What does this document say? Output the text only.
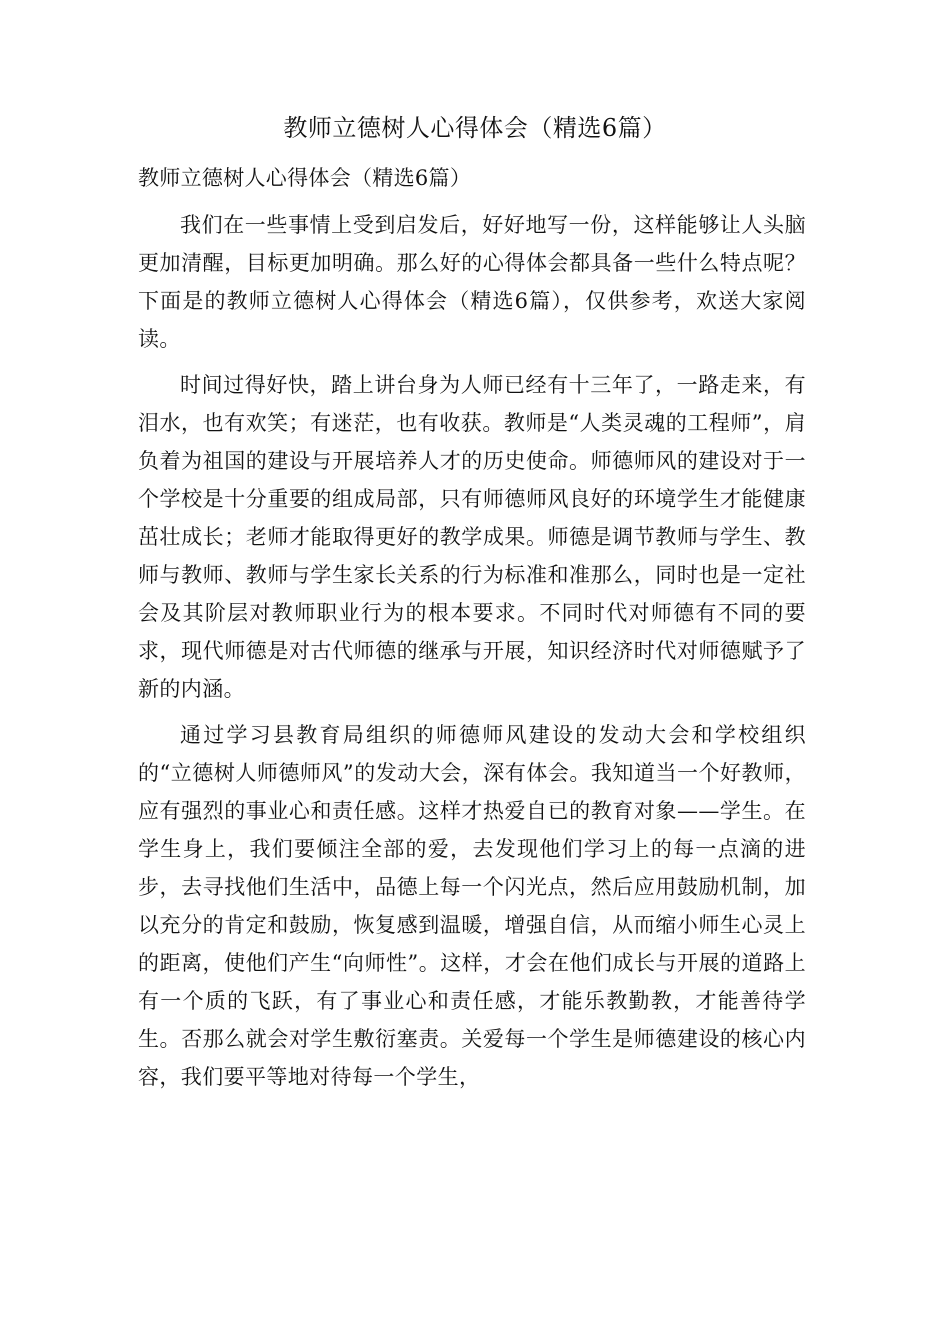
教师立德树人心得体会（精选6篇）
教师立德树人心得体会（精选6篇）

我们在一些事情上受到启发后，好好地写一份，这样能够让人头脑更加清醒，目标更加明确。那么好的心得体会都具备一些什么特点呢？下面是的教师立德树人心得体会（精选6篇），仅供参考，欢送大家阅读。

时间过得好快，踏上讲台身为人师已经有十三年了，一路走来，有泪水，也有欢笑；有迷茫，也有收获。教师是“人类灵魂的工程师”，肩负着为祖国的建设与开展培养人才的历史使命。师德师风的建设对于一个学校是十分重要的组成局部，只有师德师风良好的环境学生才能健康茁壮成长；老师才能取得更好的教学成果。师德是调节教师与学生、教师与教师、教师与学生家长关系的行为标准和准那么，同时也是一定社会及其阶层对教师职业行为的根本要求。不同时代对师德有不同的要求，现代师德是对古代师德的继承与开展，知识经济时代对师德赋予了新的内涵。

通过学习县教育局组织的师德师风建设的发动大会和学校组织的“立德树人师德师风”的发动大会，深有体会。我知道当一个好教师，应有强烈的事业心和责任感。这样才热爱自已的教育对象——学生。在学生身上，我们要倾注全部的爱，去发现他们学习上的每一点滴的进步，去寻找他们生活中，品德上每一个闪光点，然后应用鼓励机制，加以充分的肯定和鼓励，恢复感到温暖，增强自信，从而缩小师生心灵上的距离，使他们产生“向师性”。这样，才会在他们成长与开展的道路上有一个质的飞跃，有了事业心和责任感，才能乐教勤教，才能善待学生。否那么就会对学生敷衍塞责。关爱每一个学生是师德建设的核心内容，我们要平等地对待每一个学生，
